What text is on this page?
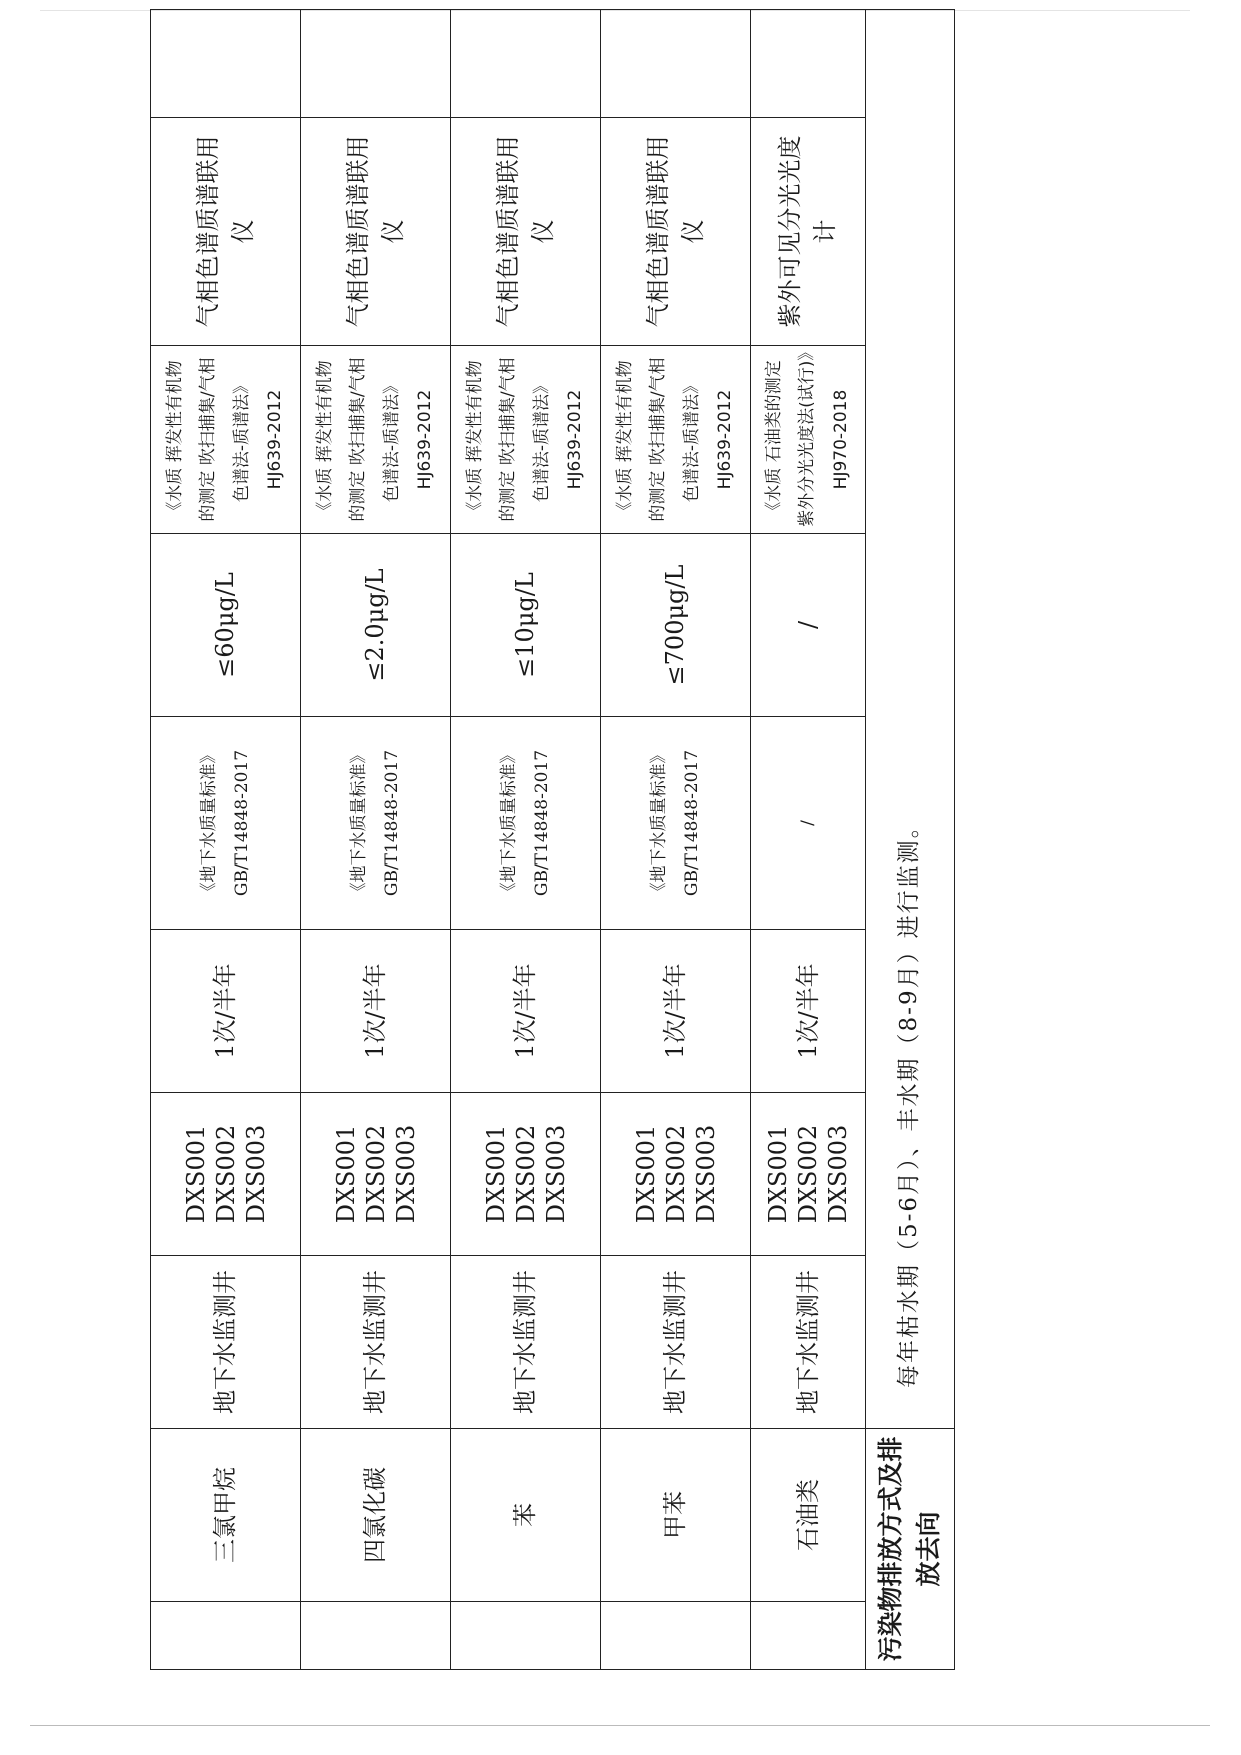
	三氯甲烷	地下水监测井	DXS001 DXS002 DXS003	1次/半年	《地下水质量标准》GB/T14848-2017	≤60μg/L	《水质 挥发性有机物的测定 吹扫捕集/气相色谱法-质谱法》HJ639-2012	气相色谱质谱联用仪	
	四氯化碳	地下水监测井	DXS001 DXS002 DXS003	1次/半年	《地下水质量标准》GB/T14848-2017	≤2.0μg/L	《水质 挥发性有机物的测定 吹扫捕集/气相色谱法-质谱法》HJ639-2012	气相色谱质谱联用仪	
	苯	地下水监测井	DXS001 DXS002 DXS003	1次/半年	《地下水质量标准》GB/T14848-2017	≤10μg/L	《水质 挥发性有机物的测定 吹扫捕集/气相色谱法-质谱法》HJ639-2012	气相色谱质谱联用仪	
	甲苯	地下水监测井	DXS001 DXS002 DXS003	1次/半年	《地下水质量标准》GB/T14848-2017	≤700μg/L	《水质 挥发性有机物的测定 吹扫捕集/气相色谱法-质谱法》HJ639-2012	气相色谱质谱联用仪	
	石油类	地下水监测井	DXS001 DXS002 DXS003	1次/半年	/	/	《水质 石油类的测定 紫外分光光度法(试行)》HJ970-2018	紫外可见分光光度计	
污染物排放方式及排放去向		每年枯水期（5-6月）、丰水期（8-9月）进行监测。							
